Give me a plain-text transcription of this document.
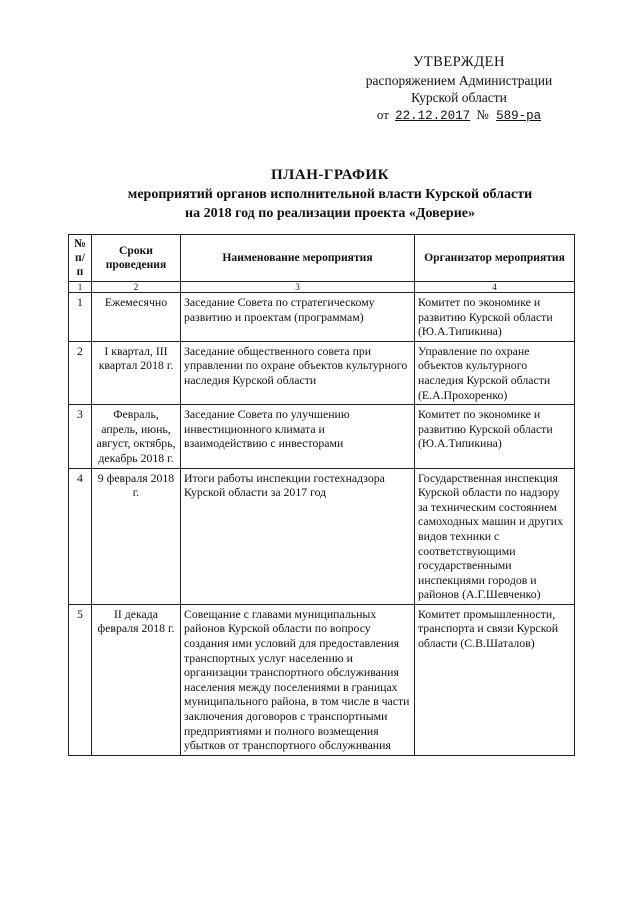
УТВЕРЖДЕН
распоряжением Администрации
Курской области
от 22.12.2017 № 589-ра
ПЛАН-ГРАФИК
мероприятий органов исполнительной власти Курской области
на 2018 год по реализации проекта «Доверие»
№ п/п	Сроки проведения	Наименование мероприятия	Организатор мероприятия
1	2	3	4
1	Ежемесячно	Заседание Совета по стратегическому развитию и проектам (программам)	Комитет по экономике и развитию Курской области (Ю.А.Типикина)
2	I квартал, III квартал 2018 г.	Заседание общественного совета при управлении по охране объектов культурного наследия Курской области	Управление по охране объектов культурного наследия Курской области (Е.А.Прохоренко)
3	Февраль, апрель, июнь, август, октябрь, декабрь 2018 г.	Заседание Совета по улучшению инвестиционного климата и взаимодействию с инвесторами	Комитет по экономике и развитию Курской области (Ю.А.Типикина)
4	9 февраля 2018 г.	Итоги работы инспекции гостехнадзора Курской области за 2017 год	Государственная инспекция Курской области по надзору за техническим состоянием самоходных машин и других видов техники с соответствующими государственными инспекциями городов и районов (А.Г.Шевченко)
5	II декада февраля 2018 г.	Совещание с главами муниципальных районов Курской области по вопросу создания ими условий для предоставления транспортных услуг населению и организации транспортного обслуживания населения между поселениями в границах муниципального района, в том числе в части заключения договоров с транспортными предприятиями и полного возмещения убытков от транспортного обслуживания	Комитет промышленности, транспорта и связи Курской области (С.В.Шаталов)
